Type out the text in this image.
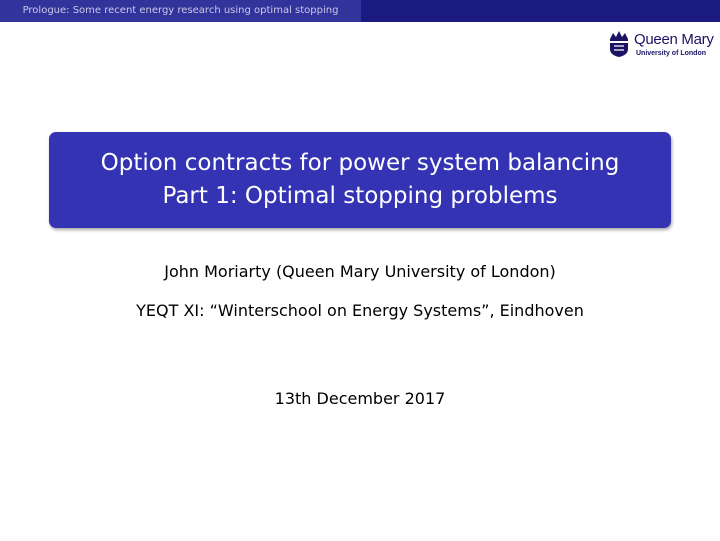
Prologue: Some recent energy research using optimal stopping
Queen Mary
University of London
Option contracts for power system balancing
Part 1: Optimal stopping problems
John Moriarty (Queen Mary University of London)
YEQT XI: “Winterschool on Energy Systems”, Eindhoven
13th December 2017
